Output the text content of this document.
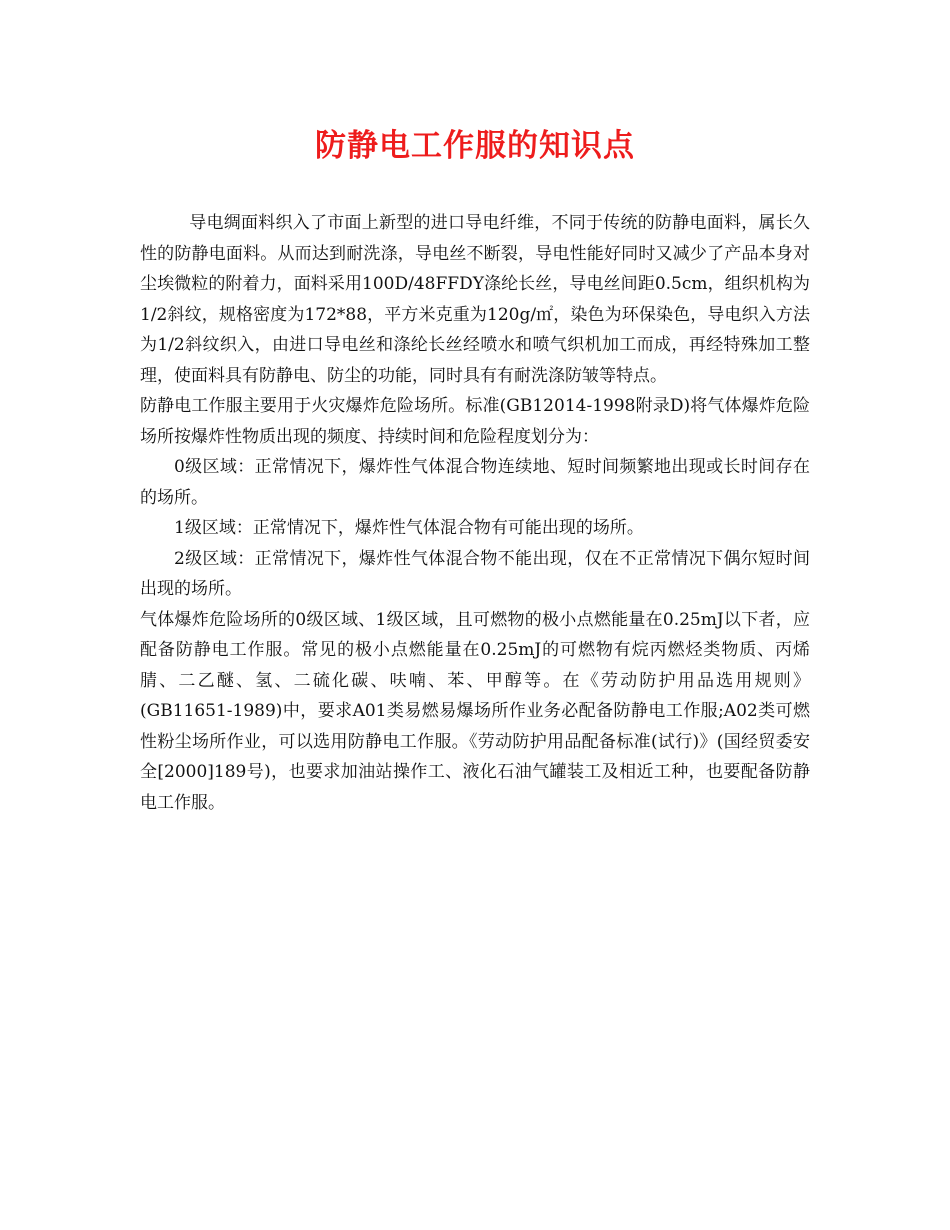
防静电工作服的知识点

导电绸面料织入了市面上新型的进口导电纤维，不同于传统的防静电面料，属长久性的防静电面料。从而达到耐洗涤，导电丝不断裂，导电性能好同时又减少了产品本身对尘埃微粒的附着力，面料采用100D/48FFDY涤纶长丝，导电丝间距0.5cm，组织机构为1/2斜纹，规格密度为172*88，平方米克重为120g/㎡，染色为环保染色，导电织入方法为1/2斜纹织入，由进口导电丝和涤纶长丝经喷水和喷气织机加工而成，再经特殊加工整理，使面料具有防静电、防尘的功能，同时具有有耐洗涤防皱等特点。

防静电工作服主要用于火灾爆炸危险场所。标准(GB12014-1998附录D)将气体爆炸危险场所按爆炸性物质出现的频度、持续时间和危险程度划分为：

0级区域：正常情况下，爆炸性气体混合物连续地、短时间频繁地出现或长时间存在的场所。

1级区域：正常情况下，爆炸性气体混合物有可能出现的场所。

2级区域：正常情况下，爆炸性气体混合物不能出现，仅在不正常情况下偶尔短时间出现的场所。

气体爆炸危险场所的0级区域、1级区域，且可燃物的极小点燃能量在0.25mJ以下者，应配备防静电工作服。常见的极小点燃能量在0.25mJ的可燃物有烷丙燃烃类物质、丙烯腈、二乙醚、氢、二硫化碳、呋喃、苯、甲醇等。在《劳动防护用品选用规则》(GB11651-1989)中，要求A01类易燃易爆场所作业务必配备防静电工作服;A02类可燃性粉尘场所作业，可以选用防静电工作服。《劳动防护用品配备标准(试行)》(国经贸委安全[2000]189号)，也要求加油站操作工、液化石油气罐装工及相近工种，也要配备防静电工作服。
